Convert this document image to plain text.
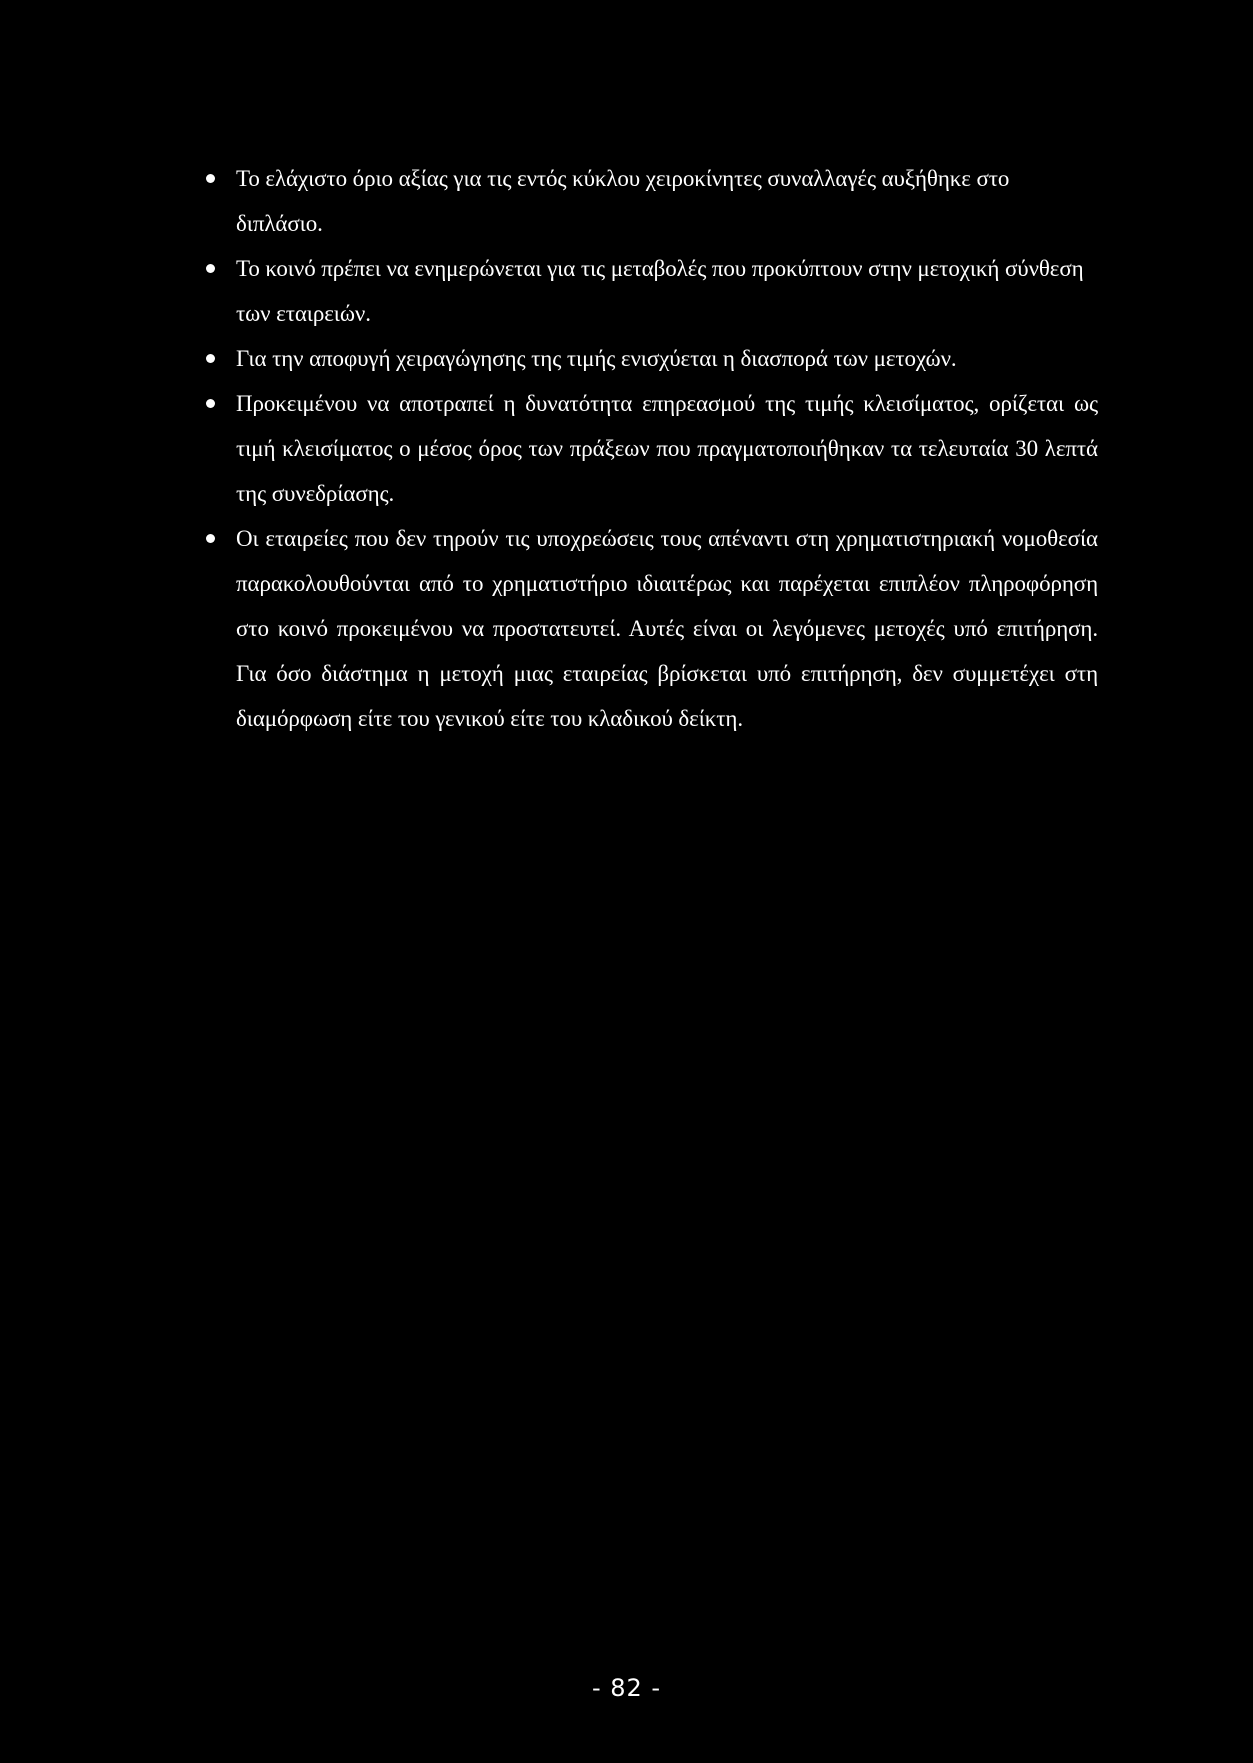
Το ελάχιστο όριο αξίας για τις εντός κύκλου χειροκίνητες συναλλαγές αυξήθηκε στο διπλάσιο.
Το κοινό πρέπει να ενημερώνεται για τις μεταβολές που προκύπτουν στην μετοχική σύνθεση των εταιρειών.
Για την αποφυγή χειραγώγησης της τιμής ενισχύεται η διασπορά των μετοχών.
Προκειμένου να αποτραπεί η δυνατότητα επηρεασμού της τιμής κλεισίματος, ορίζεται ως τιμή κλεισίματος ο μέσος όρος των πράξεων που πραγματοποιήθηκαν τα τελευταία 30 λεπτά της συνεδρίασης.
Οι εταιρείες που δεν τηρούν τις υποχρεώσεις τους απέναντι στη χρηματιστηριακή νομοθεσία παρακολουθούνται από το χρηματιστήριο ιδιαιτέρως και παρέχεται επιπλέον πληροφόρηση στο κοινό προκειμένου να προστατευτεί. Αυτές είναι οι λεγόμενες μετοχές υπό επιτήρηση. Για όσο διάστημα η μετοχή μιας εταιρείας βρίσκεται υπό επιτήρηση, δεν συμμετέχει στη διαμόρφωση είτε του γενικού είτε του κλαδικού δείκτη.
- 82 -
